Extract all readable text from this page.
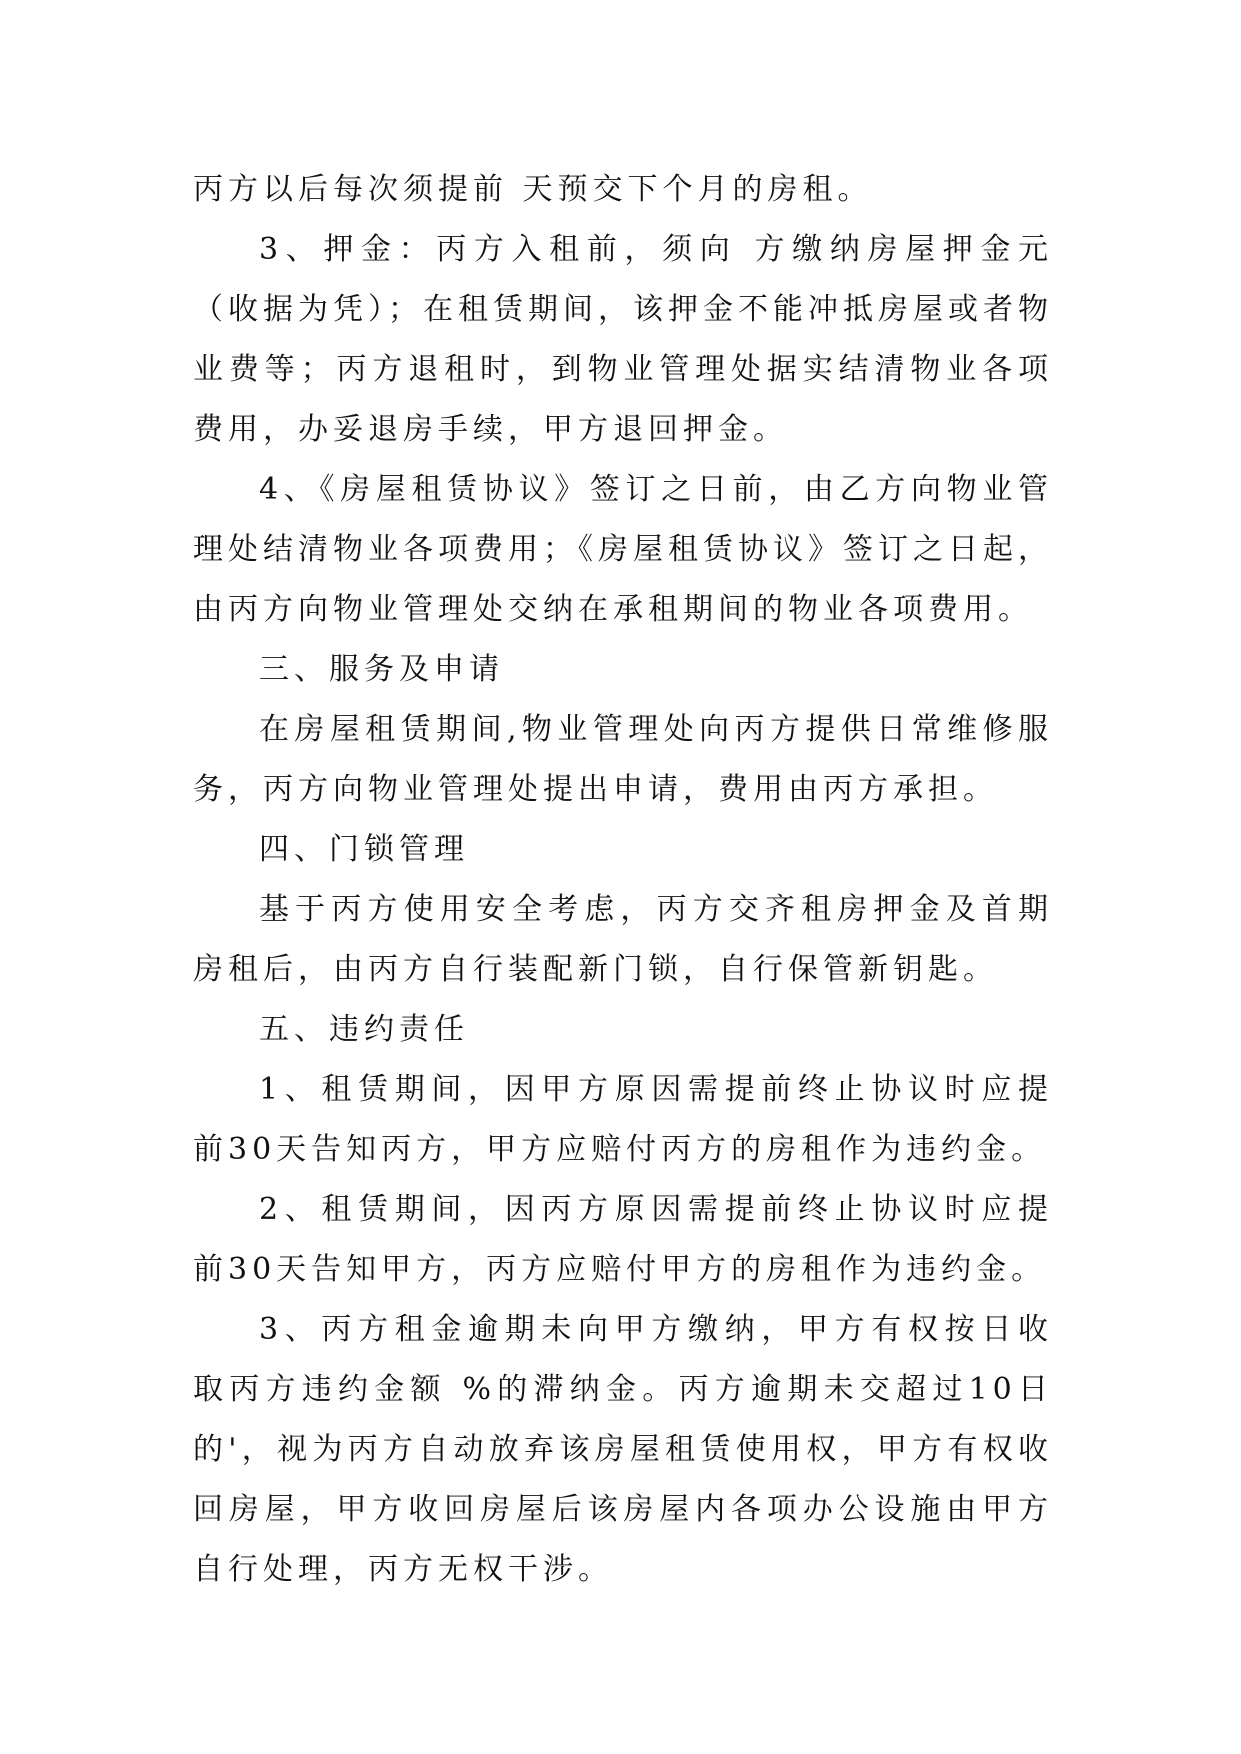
丙方以后每次须提前 天预交下个月的房租。

3、押金：丙方入租前，须向 方缴纳房屋押金元（收据为凭）；在租赁期间，该押金不能冲抵房屋或者物业费等；丙方退租时，到物业管理处据实结清物业各项费用，办妥退房手续，甲方退回押金。

4、《房屋租赁协议》签订之日前，由乙方向物业管理处结清物业各项费用；《房屋租赁协议》签订之日起，由丙方向物业管理处交纳在承租期间的物业各项费用。

三、服务及申请

在房屋租赁期间,物业管理处向丙方提供日常维修服务，丙方向物业管理处提出申请，费用由丙方承担。

四、门锁管理

基于丙方使用安全考虑，丙方交齐租房押金及首期房租后，由丙方自行装配新门锁，自行保管新钥匙。

五、违约责任

1、租赁期间，因甲方原因需提前终止协议时应提前30天告知丙方，甲方应赔付丙方的房租作为违约金。

2、租赁期间，因丙方原因需提前终止协议时应提前30天告知甲方，丙方应赔付甲方的房租作为违约金。

3、丙方租金逾期未向甲方缴纳，甲方有权按日收取丙方违约金额 %的滞纳金。丙方逾期未交超过10日的'，视为丙方自动放弃该房屋租赁使用权，甲方有权收回房屋，甲方收回房屋后该房屋内各项办公设施由甲方自行处理，丙方无权干涉。
